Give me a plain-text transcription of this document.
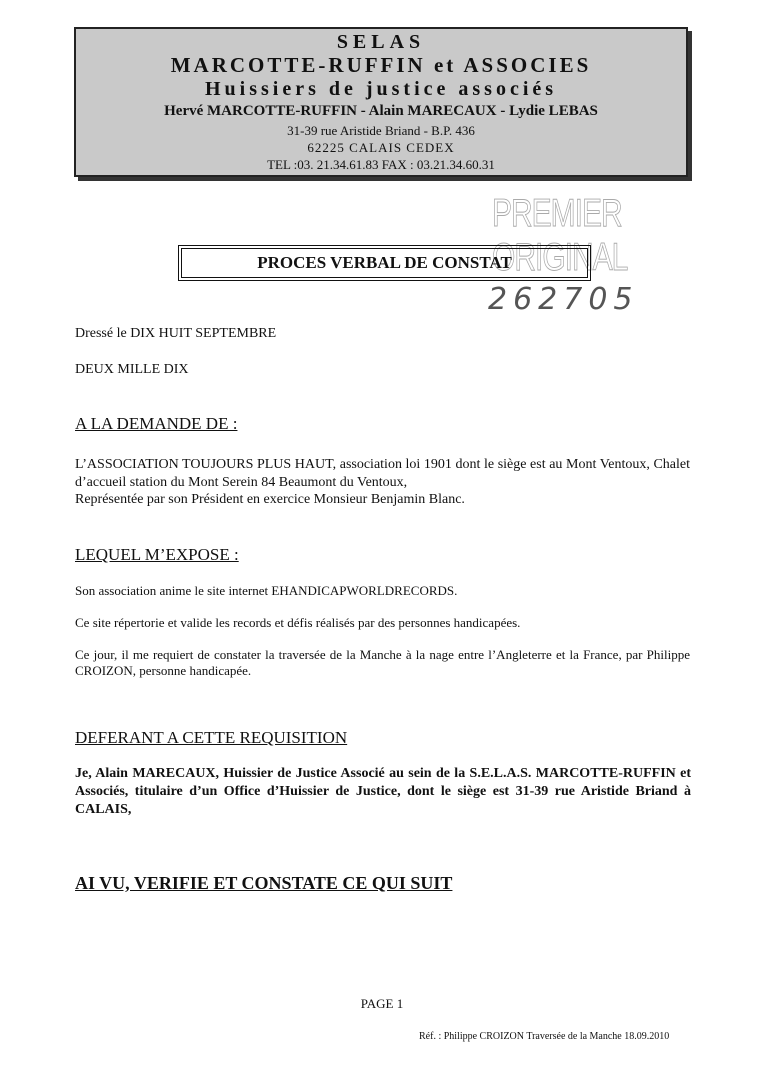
SELAS
MARCOTTE-RUFFIN et ASSOCIES
Huissiers de justice associés
Hervé MARCOTTE-RUFFIN - Alain MARECAUX - Lydie LEBAS
31-39 rue Aristide Briand - B.P. 436
62225 CALAIS CEDEX
TEL :03. 21.34.61.83 FAX : 03.21.34.60.31
PREMIER ORIGINAL
PROCES VERBAL DE CONSTAT
262705
Dressé le DIX HUIT SEPTEMBRE
DEUX MILLE DIX
A LA DEMANDE DE :
L’ASSOCIATION TOUJOURS PLUS HAUT, association loi 1901 dont le siège est au Mont Ventoux, Chalet d’accueil station du Mont Serein 84 Beaumont du Ventoux,
Représentée par son Président en exercice Monsieur Benjamin Blanc.
LEQUEL M’EXPOSE :
Son association anime le site internet EHANDICAPWORLDRECORDS.
Ce site répertorie et valide les records et défis réalisés par des personnes handicapées.
Ce jour, il me requiert de constater la traversée de la Manche à la nage entre l’Angleterre et la France, par Philippe CROIZON, personne handicapée.
DEFERANT A CETTE REQUISITION
Je, Alain MARECAUX, Huissier de Justice Associé au sein de la S.E.L.A.S. MARCOTTE-RUFFIN et Associés, titulaire d’un Office d’Huissier de Justice, dont le siège est 31-39 rue Aristide Briand à CALAIS,
AI VU, VERIFIE ET CONSTATE CE QUI SUIT
PAGE 1
Réf. : Philippe CROIZON Traversée de la Manche 18.09.2010
